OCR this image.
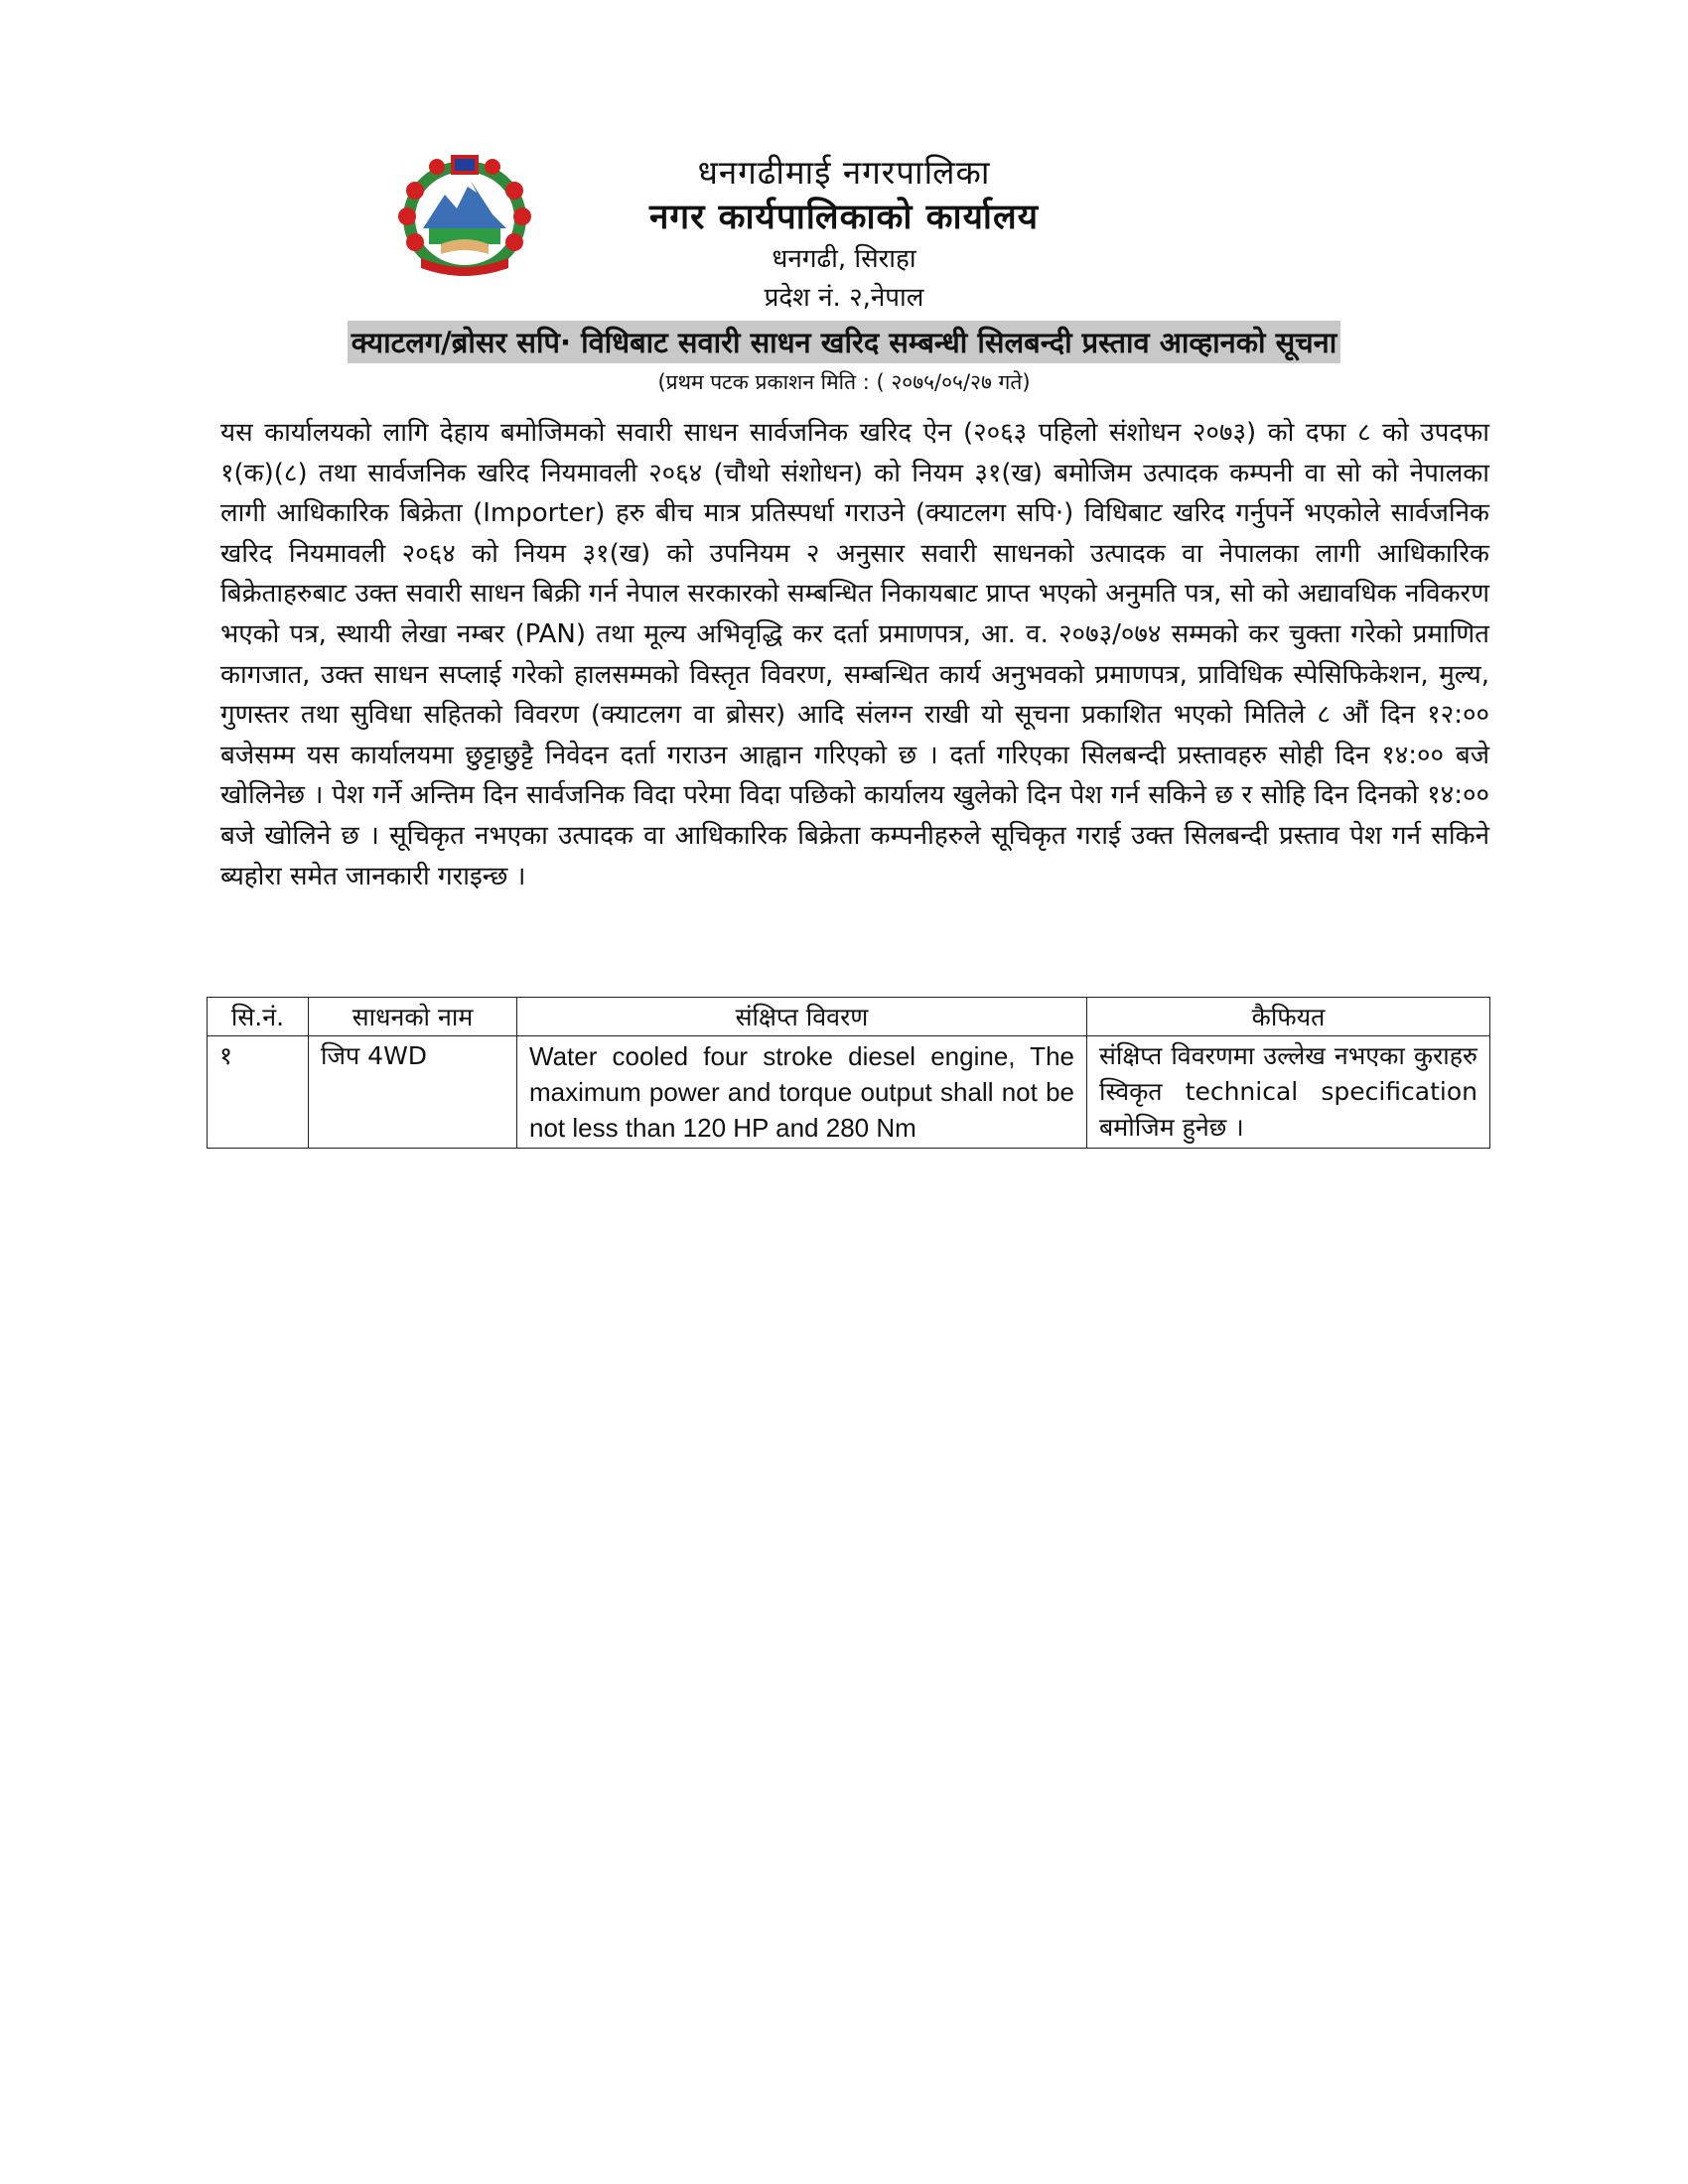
धनगढीमाई नगरपालिका
नगर कार्यपालिकाको कार्यालय
धनगढी, सिराहा
प्रदेश नं. २,नेपाल
क्याटलग/ब्रोसर सपि· विधिबाट सवारी साधन खरिद सम्बन्धी सिलबन्दी प्रस्ताव आव्हानको सूचना
(प्रथम पटक प्रकाशन मिति : ( २०७५/०५/२७ गते)
यस कार्यालयको लागि देहाय बमोजिमको सवारी साधन सार्वजनिक खरिद ऐन (२०६३ पहिलो संशोधन २०७३) को दफा ८ को उपदफा १(क)(८) तथा सार्वजनिक खरिद नियमावली २०६४ (चौथो संशोधन) को नियम ३१(ख) बमोजिम उत्पादक कम्पनी वा सो को नेपालका लागी आधिकारिक बिक्रेता (Importer) हरु बीच मात्र प्रतिस्पर्धा गराउने (क्याटलग सपि·) विधिबाट खरिद गर्नुपर्ने भएकोले सार्वजनिक खरिद नियमावली २०६४ को नियम ३१(ख) को उपनियम २ अनुसार सवारी साधनको उत्पादक वा नेपालका लागी आधिकारिक बिक्रेताहरुबाट उक्त सवारी साधन बिक्री गर्न नेपाल सरकारको सम्बन्धित निकायबाट प्राप्त भएको अनुमति पत्र, सो को अद्यावधिक नविकरण भएको पत्र, स्थायी लेखा नम्बर (PAN) तथा मूल्य अभिवृद्धि कर दर्ता प्रमाणपत्र, आ. व. २०७३/०७४ सम्मको कर चुक्ता गरेको प्रमाणित कागजात, उक्त साधन सप्लाई गरेको हालसम्मको विस्तृत विवरण, सम्बन्धित कार्य अनुभवको प्रमाणपत्र, प्राविधिक स्पेसिफिकेशन, मुल्य, गुणस्तर तथा सुविधा सहितको विवरण (क्याटलग वा ब्रोसर) आदि संलग्न राखी यो सूचना प्रकाशित भएको मितिले ८ औं दिन १२:०० बजेसम्म यस कार्यालयमा छुट्टाछुट्टै निवेदन दर्ता गराउन आह्वान गरिएको छ । दर्ता गरिएका सिलबन्दी प्रस्तावहरु सोही दिन १४:०० बजे खोलिनेछ । पेश गर्ने अन्तिम दिन सार्वजनिक विदा परेमा विदा पछिको कार्यालय खुलेको दिन पेश गर्न सकिने छ र सोहि दिन दिनको १४:०० बजे खोलिने छ । सूचिकृत नभएका उत्पादक वा आधिकारिक बिक्रेता कम्पनीहरुले सूचिकृत गराई उक्त सिलबन्दी प्रस्ताव पेश गर्न सकिने ब्यहोरा समेत जानकारी गराइन्छ ।
सि.नं.	साधनको नाम	संक्षिप्त विवरण	कैफियत
१	जिप 4WD	Water cooled four stroke diesel engine, The maximum power and torque output shall not be not less than 120 HP and 280 Nm	संक्षिप्त विवरणमा उल्लेख नभएका कुराहरु स्विकृत technical specification बमोजिम हुनेछ ।
